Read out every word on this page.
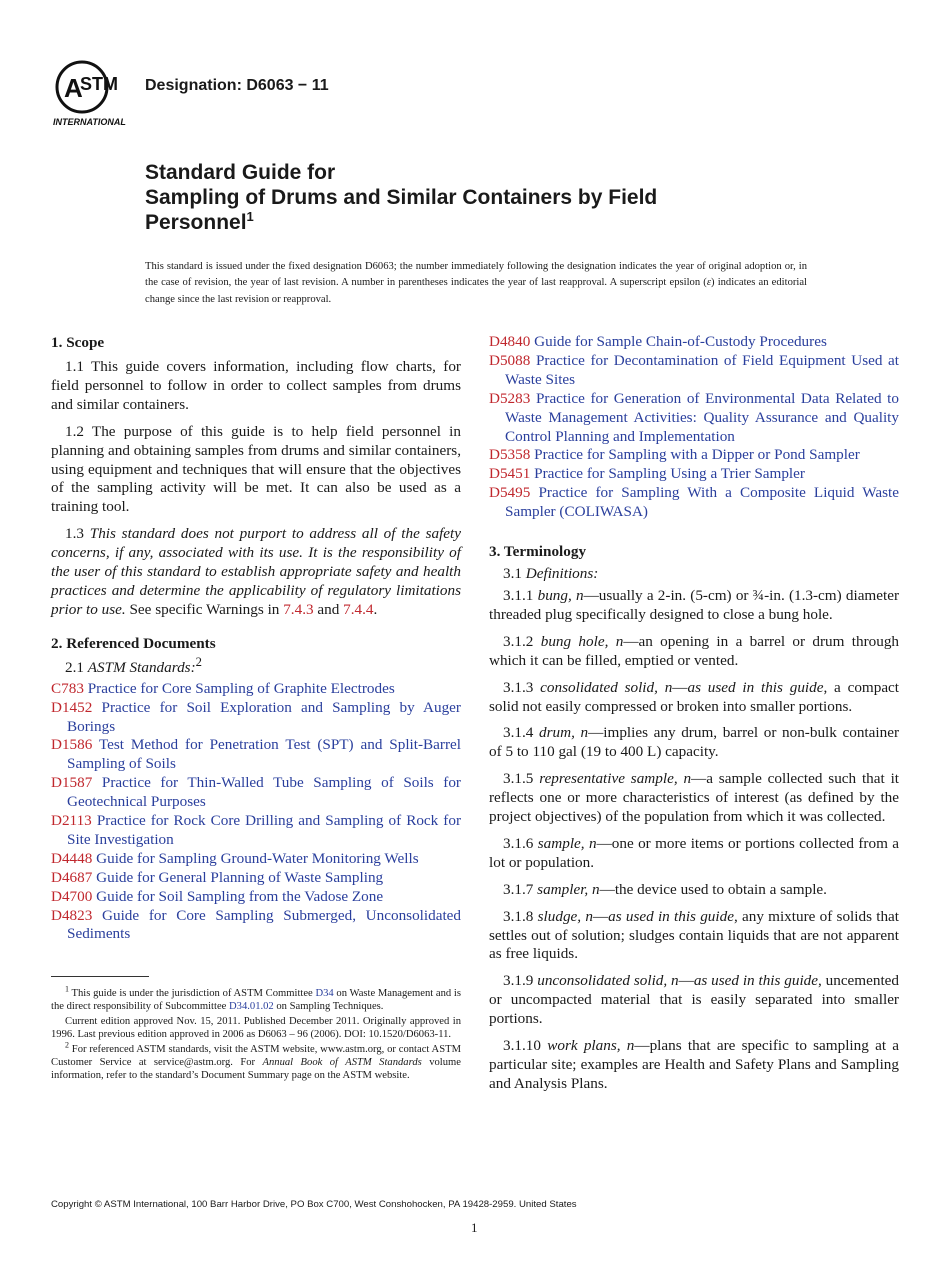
A
STM
INTERNATIONAL
Designation: D6063 − 11
Standard Guide for
Sampling of Drums and Similar Containers by Field
Personnel$^1$
This standard is issued under the fixed designation D6063; the number immediately following the designation indicates the year of original adoption or, in the case of revision, the year of last revision. A number in parentheses indicates the year of last reapproval. A superscript epsilon (ε) indicates an editorial change since the last revision or reapproval.
1. Scope

1.1 This guide covers information, including flow charts, for field personnel to follow in order to collect samples from drums and similar containers.

1.2 The purpose of this guide is to help field personnel in planning and obtaining samples from drums and similar containers, using equipment and techniques that will ensure that the objectives of the sampling activity will be met. It can also be used as a training tool.

1.3 This standard does not purport to address all of the safety concerns, if any, associated with its use. It is the responsibility of the user of this standard to establish appropriate safety and health practices and determine the applicability of regulatory limitations prior to use. See specific Warnings in 7.4.3 and 7.4.4.

2. Referenced Documents

2.1 ASTM Standards:$^2$

C783 Practice for Core Sampling of Graphite Electrodes
D1452 Practice for Soil Exploration and Sampling by Auger Borings
D1586 Test Method for Penetration Test (SPT) and Split-Barrel Sampling of Soils
D1587 Practice for Thin-Walled Tube Sampling of Soils for Geotechnical Purposes
D2113 Practice for Rock Core Drilling and Sampling of Rock for Site Investigation
D4448 Guide for Sampling Ground-Water Monitoring Wells
D4687 Guide for General Planning of Waste Sampling
D4700 Guide for Soil Sampling from the Vadose Zone
D4823 Guide for Core Sampling Submerged, Unconsolidated Sediments

$^1$ This guide is under the jurisdiction of ASTM Committee D34 on Waste Management and is the direct responsibility of Subcommittee D34.01.02 on Sampling Techniques.

Current edition approved Nov. 15, 2011. Published December 2011. Originally approved in 1996. Last previous edition approved in 2006 as D6063 – 96 (2006). DOI: 10.1520/D6063-11.

$^2$ For referenced ASTM standards, visit the ASTM website, www.astm.org, or contact ASTM Customer Service at service@astm.org. For Annual Book of ASTM Standards volume information, refer to the standard’s Document Summary page on the ASTM website.

D4840 Guide for Sample Chain-of-Custody Procedures
D5088 Practice for Decontamination of Field Equipment Used at Waste Sites
D5283 Practice for Generation of Environmental Data Related to Waste Management Activities: Quality Assurance and Quality Control Planning and Implementation
D5358 Practice for Sampling with a Dipper or Pond Sampler
D5451 Practice for Sampling Using a Trier Sampler
D5495 Practice for Sampling With a Composite Liquid Waste Sampler (COLIWASA)
3. Terminology

3.1 Definitions:

3.1.1 bung, n—usually a 2-in. (5-cm) or ¾-in. (1.3-cm) diameter threaded plug specifically designed to close a bung hole.

3.1.2 bung hole, n—an opening in a barrel or drum through which it can be filled, emptied or vented.

3.1.3 consolidated solid, n—as used in this guide, a compact solid not easily compressed or broken into smaller portions.

3.1.4 drum, n—implies any drum, barrel or non-bulk container of 5 to 110 gal (19 to 400 L) capacity.

3.1.5 representative sample, n—a sample collected such that it reflects one or more characteristics of interest (as defined by the project objectives) of the population from which it was collected.

3.1.6 sample, n—one or more items or portions collected from a lot or population.

3.1.7 sampler, n—the device used to obtain a sample.

3.1.8 sludge, n—as used in this guide, any mixture of solids that settles out of solution; sludges contain liquids that are not apparent as free liquids.

3.1.9 unconsolidated solid, n—as used in this guide, uncemented or uncompacted material that is easily separated into smaller portions.

3.1.10 work plans, n—plans that are specific to sampling at a particular site; examples are Health and Safety Plans and Sampling and Analysis Plans.

Copyright © ASTM International, 100 Barr Harbor Drive, PO Box C700, West Conshohocken, PA 19428-2959. United States
1
